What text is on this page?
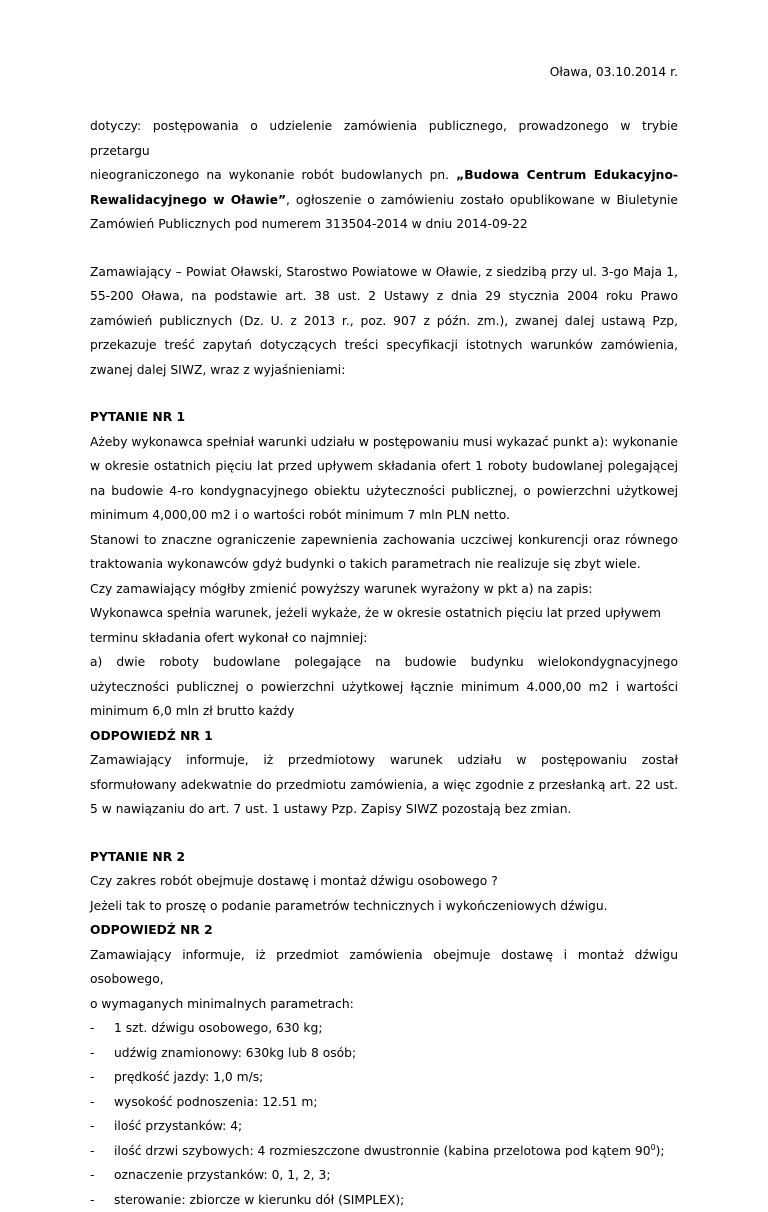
Oława, 03.10.2014 r.
dotyczy: postępowania o udzielenie zamówienia publicznego, prowadzonego w trybie przetargu
nieograniczonego na wykonanie robót budowlanych pn. „Budowa Centrum Edukacyjno-
Rewalidacyjnego w Oławie”, ogłoszenie o zamówieniu zostało opublikowane w Biuletynie
Zamówień Publicznych pod numerem 313504-2014 w dniu 2014-09-22

Zamawiający – Powiat Oławski, Starostwo Powiatowe w Oławie, z siedzibą przy ul. 3-go Maja 1, 55-200 Oława, na podstawie art. 38 ust. 2 Ustawy z dnia 29 stycznia 2004 roku Prawo zamówień publicznych (Dz. U. z 2013 r., poz. 907 z późn. zm.), zwanej dalej ustawą Pzp, przekazuje treść zapytań dotyczących treści specyfikacji istotnych warunków zamówienia, zwanej dalej SIWZ, wraz z wyjaśnieniami:

PYTANIE NR 1

Ażeby wykonawca spełniał warunki udziału w postępowaniu musi wykazać punkt a): wykonanie w okresie ostatnich pięciu lat przed upływem składania ofert 1 roboty budowlanej polegającej na budowie 4-ro kondygnacyjnego obiektu użyteczności publicznej, o powierzchni użytkowej minimum 4,000,00 m2 i o wartości robót minimum 7 mln PLN netto.

Stanowi to znaczne ograniczenie zapewnienia zachowania uczciwej konkurencji oraz równego traktowania wykonawców gdyż budynki o takich parametrach nie realizuje się zbyt wiele.

Czy zamawiający mógłby zmienić powyższy warunek wyrażony w pkt a) na zapis:

Wykonawca spełnia warunek, jeżeli wykaże, że w okresie ostatnich pięciu lat przed upływem

terminu składania ofert wykonał co najmniej:

a) dwie roboty budowlane polegające na budowie budynku wielokondygnacyjnego użyteczności publicznej o powierzchni użytkowej łącznie minimum 4.000,00 m2 i wartości minimum 6,0 mln zł brutto każdy

ODPOWIEDŹ NR 1

Zamawiający informuje, iż przedmiotowy warunek udziału w postępowaniu został sformułowany adekwatnie do przedmiotu zamówienia, a więc zgodnie z przesłanką art. 22 ust. 5 w nawiązaniu do art. 7 ust. 1 ustawy Pzp. Zapisy SIWZ pozostają bez zmian.

PYTANIE NR 2

Czy zakres robót obejmuje dostawę i montaż dźwigu osobowego ?

Jeżeli tak to proszę o podanie parametrów technicznych i wykończeniowych dźwigu.

ODPOWIEDŹ NR 2

Zamawiający informuje, iż przedmiot zamówienia obejmuje dostawę i montaż dźwigu osobowego,

o wymaganych minimalnych parametrach:

-	1 szt. dźwigu osobowego, 630 kg;
-	udźwig znamionowy: 630kg lub 8 osób;
-	prędkość jazdy: 1,0 m/s;
-	wysokość podnoszenia: 12.51 m;
-	ilość przystanków: 4;
-	ilość drzwi szybowych: 4 rozmieszczone dwustronnie (kabina przelotowa pod kątem $90^0$);
-	oznaczenie przystanków: 0, 1, 2, 3;
-	sterowanie: zbiorcze w kierunku dół (SIMPLEX);
